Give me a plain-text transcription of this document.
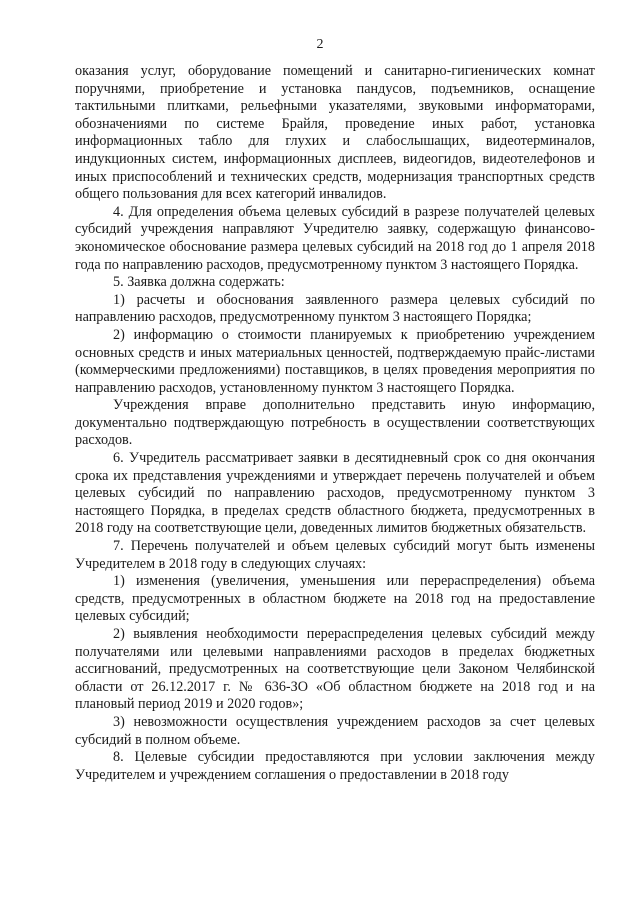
2

оказания услуг, оборудование помещений и санитарно-гигиенических комнат поручнями, приобретение и установка пандусов, подъемников, оснащение тактильными плитками, рельефными указателями, звуковыми информаторами, обозначениями по системе Брайля, проведение иных работ, установка информационных табло для глухих и слабослышащих, видеотерминалов, индукционных систем, информационных дисплеев, видеогидов, видеотелефонов и иных приспособлений и технических средств, модернизация транспортных средств общего пользования для всех категорий инвалидов.

4. Для определения объема целевых субсидий в разрезе получателей целевых субсидий учреждения направляют Учредителю заявку, содержащую финансово-экономическое обоснование размера целевых субсидий на 2018 год до 1 апреля 2018 года по направлению расходов, предусмотренному пунктом 3 настоящего Порядка.

5. Заявка должна содержать:

1) расчеты и обоснования заявленного размера целевых субсидий по направлению расходов, предусмотренному пунктом 3 настоящего Порядка;

2) информацию о стоимости планируемых к приобретению учреждением основных средств и иных материальных ценностей, подтверждаемую прайс-листами (коммерческими предложениями) поставщиков, в целях проведения мероприятия по направлению расходов, установленному пунктом 3 настоящего Порядка.

Учреждения вправе дополнительно представить иную информацию, документально подтверждающую потребность в осуществлении соответствующих расходов.

6. Учредитель рассматривает заявки в десятидневный срок со дня окончания срока их представления учреждениями и утверждает перечень получателей и объем целевых субсидий по направлению расходов, предусмотренному пунктом 3 настоящего Порядка, в пределах средств областного бюджета, предусмотренных в 2018 году на соответствующие цели, доведенных лимитов бюджетных обязательств.

7. Перечень получателей и объем целевых субсидий могут быть изменены Учредителем в 2018 году в следующих случаях:

1) изменения (увеличения, уменьшения или перераспределения) объема средств, предусмотренных в областном бюджете на 2018 год на предоставление целевых субсидий;

2) выявления необходимости перераспределения целевых субсидий между получателями или целевыми направлениями расходов в пределах бюджетных ассигнований, предусмотренных на соответствующие цели Законом Челябинской области от 26.12.2017 г. № 636-ЗО «Об областном бюджете на 2018 год и на плановый период 2019 и 2020 годов»;

3) невозможности осуществления учреждением расходов за счет целевых субсидий в полном объеме.

8. Целевые субсидии предоставляются при условии заключения между Учредителем и учреждением соглашения о предоставлении в 2018 году
